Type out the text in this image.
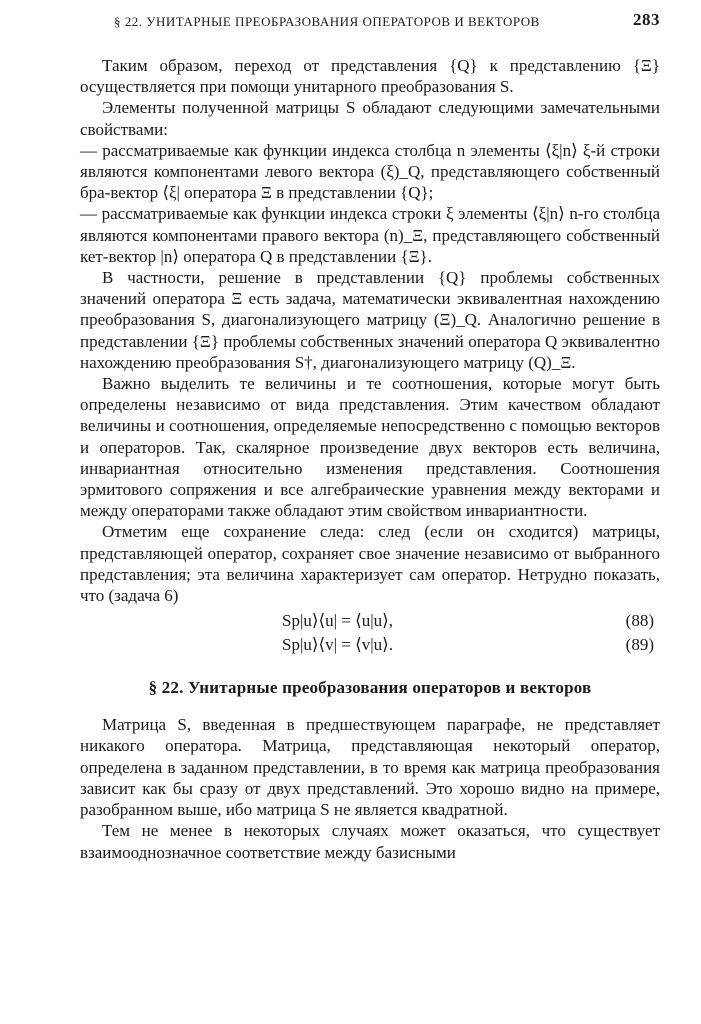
§ 22. УНИТАРНЫЕ ПРЕОБРАЗОВАНИЯ ОПЕРАТОРОВ И ВЕКТОРОВ	283

Таким образом, переход от представления {Q} к представлению {Ξ} осуществляется при помощи унитарного преобразования S.

Элементы полученной матрицы S обладают следующими замечательными свойствами:

— рассматриваемые как функции индекса столбца n элементы ⟨ξ|n⟩ ξ-й строки являются компонентами левого вектора (ξ)_Q, представляющего собственный бра-вектор ⟨ξ| оператора Ξ в представлении {Q};

— рассматриваемые как функции индекса строки ξ элементы ⟨ξ|n⟩ n-го столбца являются компонентами правого вектора (n)_Ξ, представляющего собственный кет-вектор |n⟩ оператора Q в представлении {Ξ}.

В частности, решение в представлении {Q} проблемы собственных значений оператора Ξ есть задача, математически эквивалентная нахождению преобразования S, диагонализующего матрицу (Ξ)_Q. Аналогично решение в представлении {Ξ} проблемы собственных значений оператора Q эквивалентно нахождению преобразования S†, диагонализующего матрицу (Q)_Ξ.

Важно выделить те величины и те соотношения, которые могут быть определены независимо от вида представления. Этим качеством обладают величины и соотношения, определяемые непосредственно с помощью векторов и операторов. Так, скалярное произведение двух векторов есть величина, инвариантная относительно изменения представления. Соотношения эрмитового сопряжения и все алгебраические уравнения между векторами и между операторами также обладают этим свойством инвариантности.

Отметим еще сохранение следа: след (если он сходится) матрицы, представляющей оператор, сохраняет свое значение независимо от выбранного представления; эта величина характеризует сам оператор. Нетрудно показать, что (задача 6)

Sp|u⟩⟨u| = ⟨u|u⟩,	(88)
Sp|u⟩⟨v| = ⟨v|u⟩.	(89)
§ 22. Унитарные преобразования операторов и векторов

Матрица S, введенная в предшествующем параграфе, не представляет никакого оператора. Матрица, представляющая некоторый оператор, определена в заданном представлении, в то время как матрица преобразования зависит как бы сразу от двух представлений. Это хорошо видно на примере, разобранном выше, ибо матрица S не является квадратной.

Тем не менее в некоторых случаях может оказаться, что существует взаимооднозначное соответствие между базисными
